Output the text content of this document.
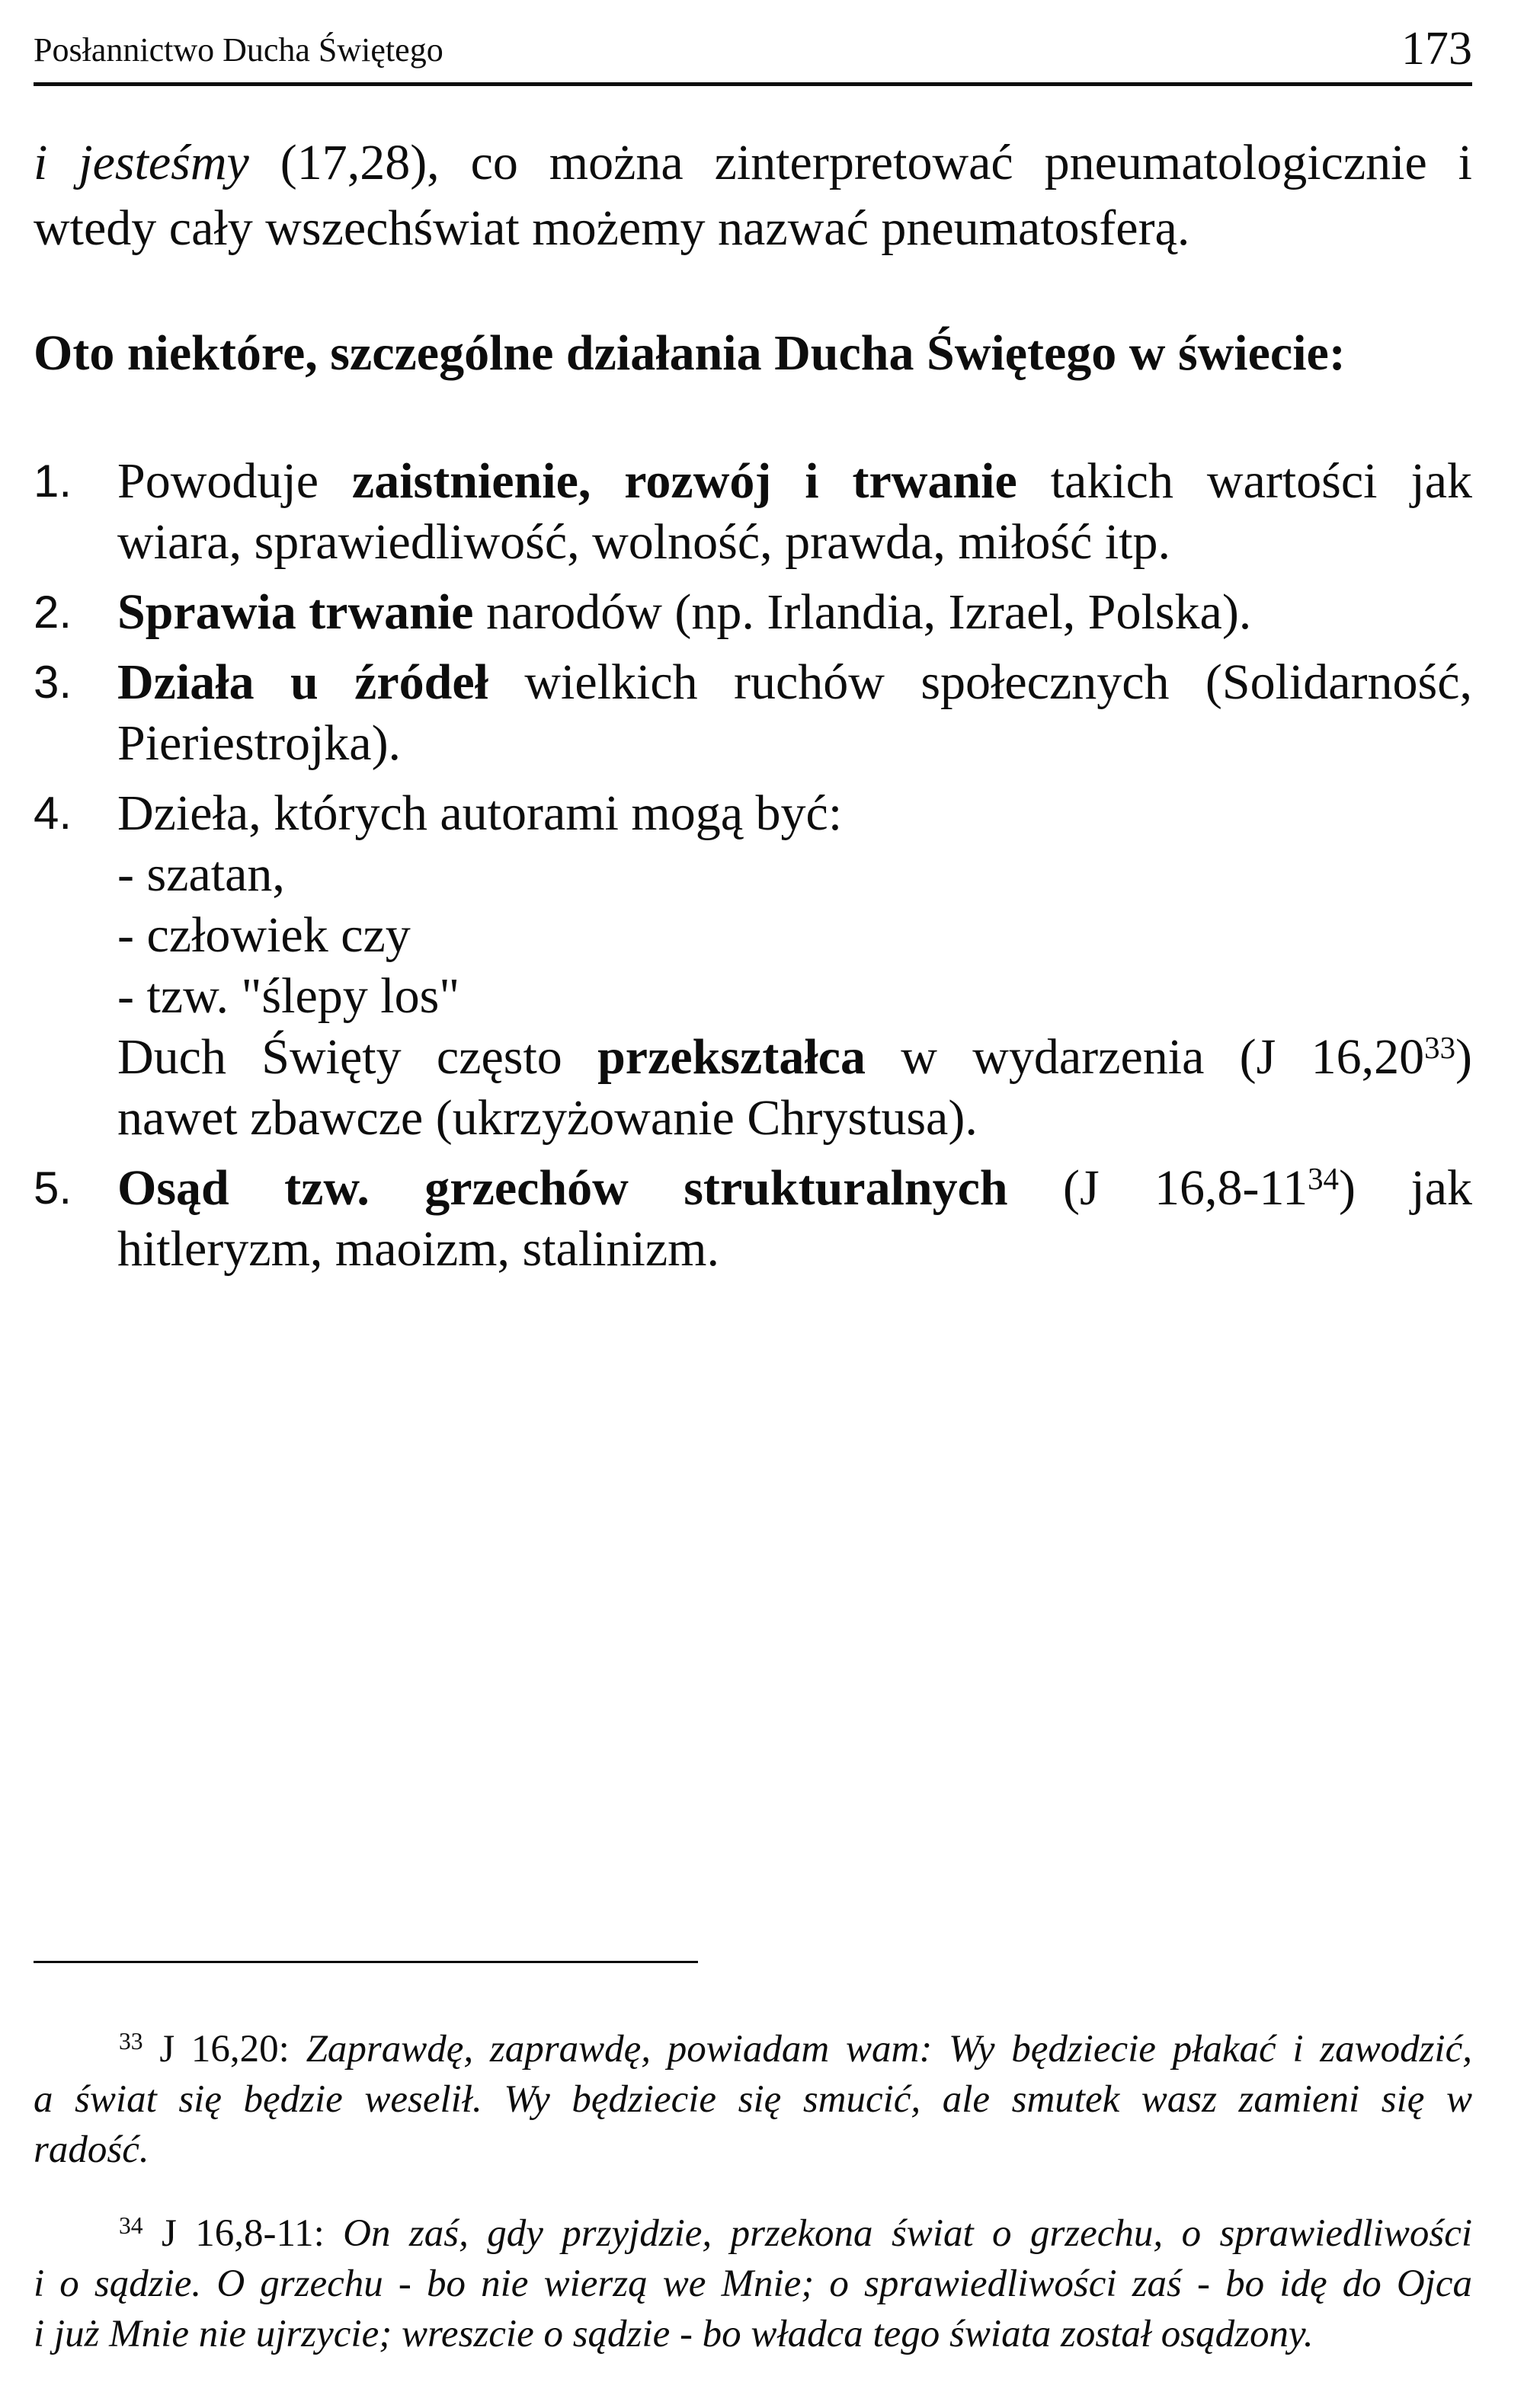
Posłannictwo Ducha Świętego	173
i jesteśmy (17,28), co można zinterpretować pneumatologicznie i
wtedy cały wszechświat możemy nazwać pneumatosferą.
Oto niektóre, szczególne działania Ducha Świętego w świecie:
1. Powoduje zaistnienie, rozwój i trwanie takich wartości jak
wiara, sprawiedliwość, wolność, prawda, miłość itp.
2. Sprawia trwanie narodów (np. Irlandia, Izrael, Polska).
3. Działa u źródeł wielkich ruchów społecznych (Solidarność,
Pieriestrojka).
4. Dzieła, których autorami mogą być:
- szatan,
- człowiek czy
- tzw. "ślepy los"
Duch Święty często przekształca w wydarzenia (J 16,20$^{33}$)
nawet zbawcze (ukrzyżowanie Chrystusa).
5. Osąd tzw. grzechów strukturalnych (J $16,8-11^{34}$) jak
hitleryzm, maoizm, stalinizm.
$^{33}$ J 16,20: Zaprawdę, zaprawdę, powiadam wam: Wy będziecie płakać i zawodzić,
a świat się będzie weselił. Wy będziecie się smucić, ale smutek wasz zamieni się w
radość.
$^{34}$ J 16,8-11: On zaś, gdy przyjdzie, przekona świat o grzechu, o sprawiedliwości
i o sądzie. O grzechu - bo nie wierzą we Mnie; o sprawiedliwości zaś - bo idę do Ojca
i już Mnie nie ujrzycie; wreszcie o sądzie - bo władca tego świata został osądzony.
